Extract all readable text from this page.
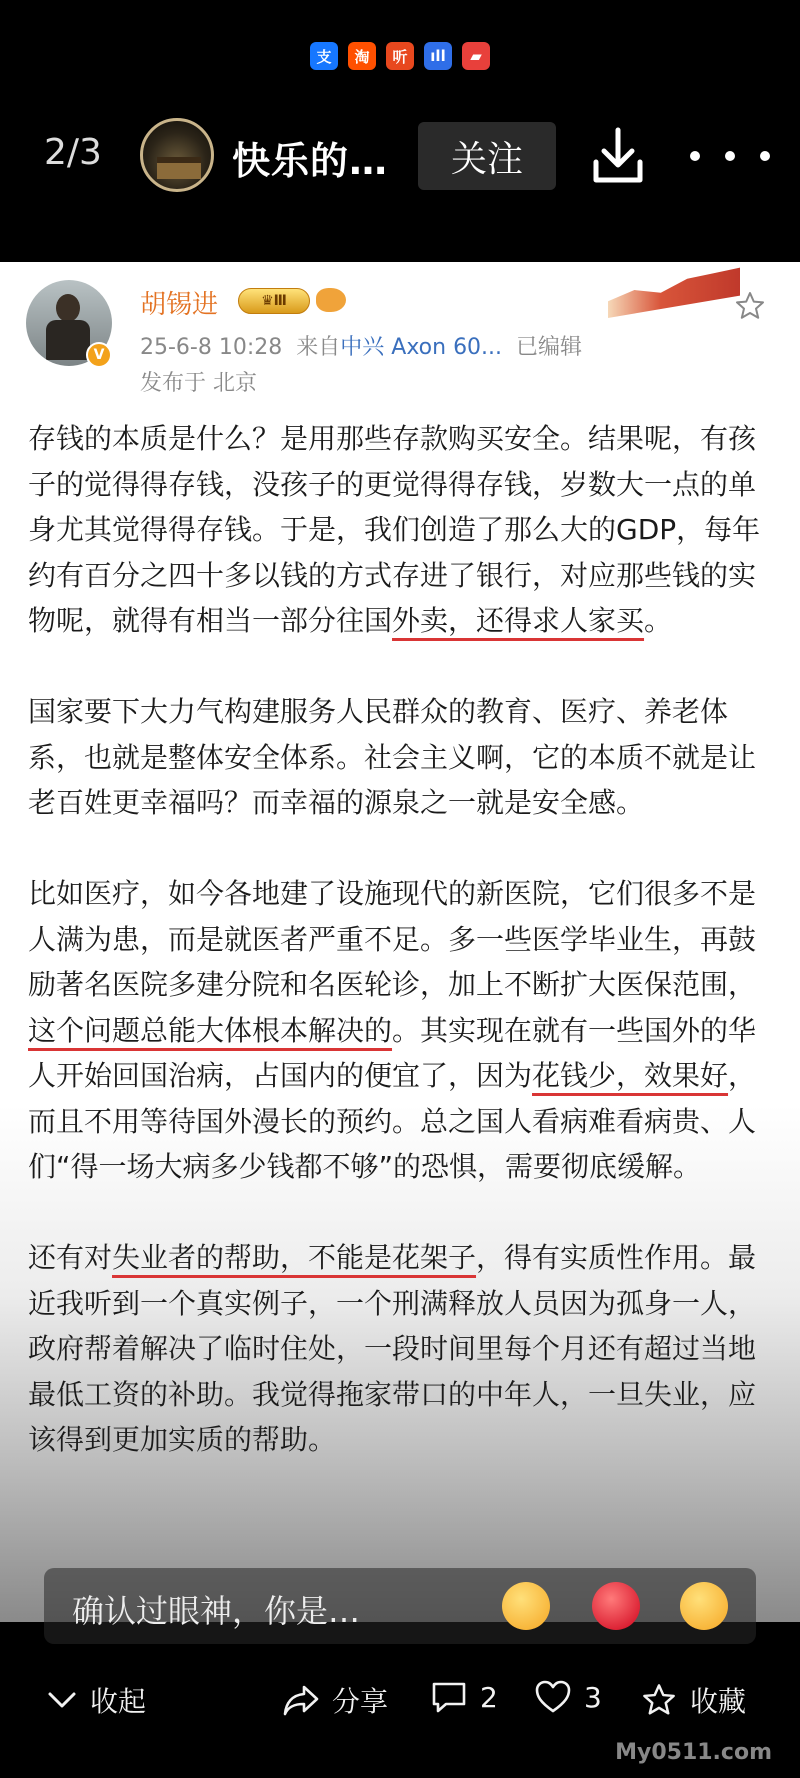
支	淘	听	ıll	▰
2/3	快乐的…	关注
V
胡锡进	♛ Ⅲ
25-6-8 10:28 来自中兴 Axon 60... 已编辑
发布于 北京

存钱的本质是什么？是用那些存款购买安全。结果呢，有孩子的觉得得存钱，没孩子的更觉得得存钱，岁数大一点的单身尤其觉得得存钱。于是，我们创造了那么大的GDP，每年约有百分之四十多以钱的方式存进了银行，对应那些钱的实物呢，就得有相当一部分往国外卖，还得求人家买。

国家要下大力气构建服务人民群众的教育、医疗、养老体系，也就是整体安全体系。社会主义啊，它的本质不就是让老百姓更幸福吗？而幸福的源泉之一就是安全感。

比如医疗，如今各地建了设施现代的新医院，它们很多不是人满为患，而是就医者严重不足。多一些医学毕业生，再鼓励著名医院多建分院和名医轮诊，加上不断扩大医保范围，这个问题总能大体根本解决的。其实现在就有一些国外的华人开始回国治病，占国内的便宜了，因为花钱少，效果好，而且不用等待国外漫长的预约。总之国人看病难看病贵、人们“得一场大病多少钱都不够”的恐惧，需要彻底缓解。

还有对失业者的帮助，不能是花架子，得有实质性作用。最近我听到一个真实例子，一个刑满释放人员因为孤身一人，政府帮着解决了临时住处，一段时间里每个月还有超过当地最低工资的补助。我觉得拖家带口的中年人，一旦失业，应该得到更加实质的帮助。

确认过眼神，你是…
收起	分享	2	3	收藏
My0511.com
